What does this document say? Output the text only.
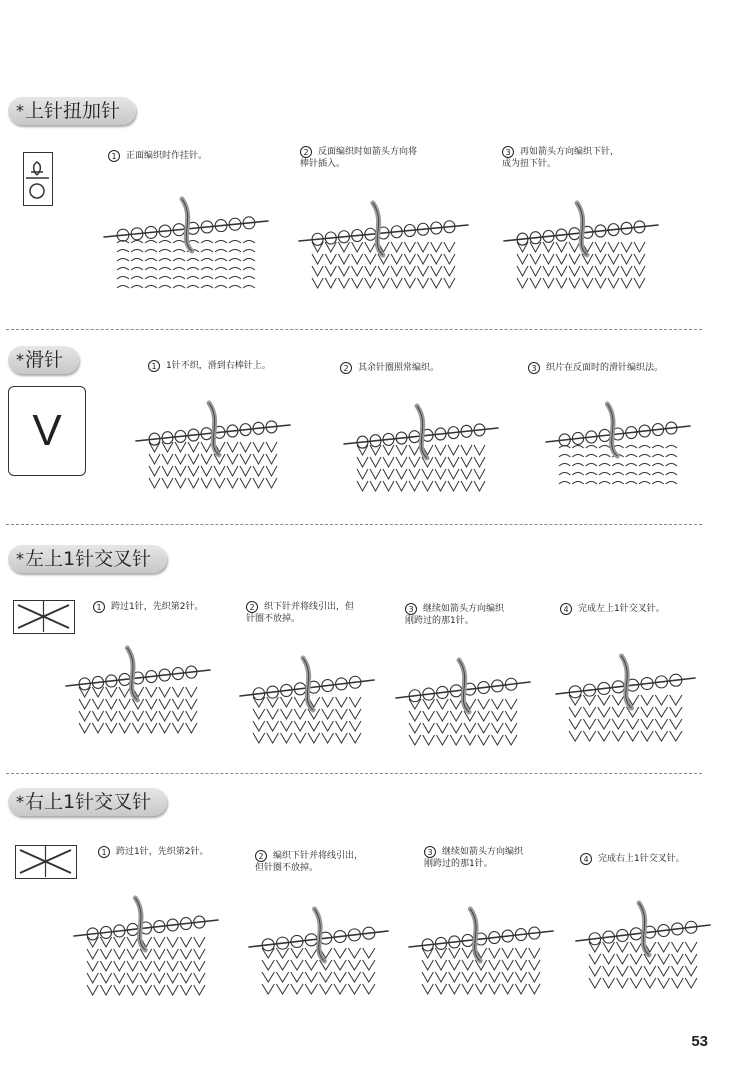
*上针扭加针
1 正面编织时作挂针。	2 反面编织时如箭头方向将
棒针插入。
3 再如箭头方向编织下针，
成为扭下针。
*滑针
V
1 1针不织，滑到右棒针上。	2 其余针圈照常编织。	3 织片在反面时的滑针编织法。
*左上1针交叉针
1 跨过1针，先织第2针。	2 织下针并将线引出，但
针圈不放掉。
3 继续如箭头方向编织
刚跨过的那1针。
4 完成左上1针交叉针。
*右上1针交叉针
1 跨过1针，先织第2针。	2 编织下针并将线引出，
但针圈不放掉。
3 继续如箭头方向编织
刚跨过的那1针。	4 完成右上1针交叉针。
53
